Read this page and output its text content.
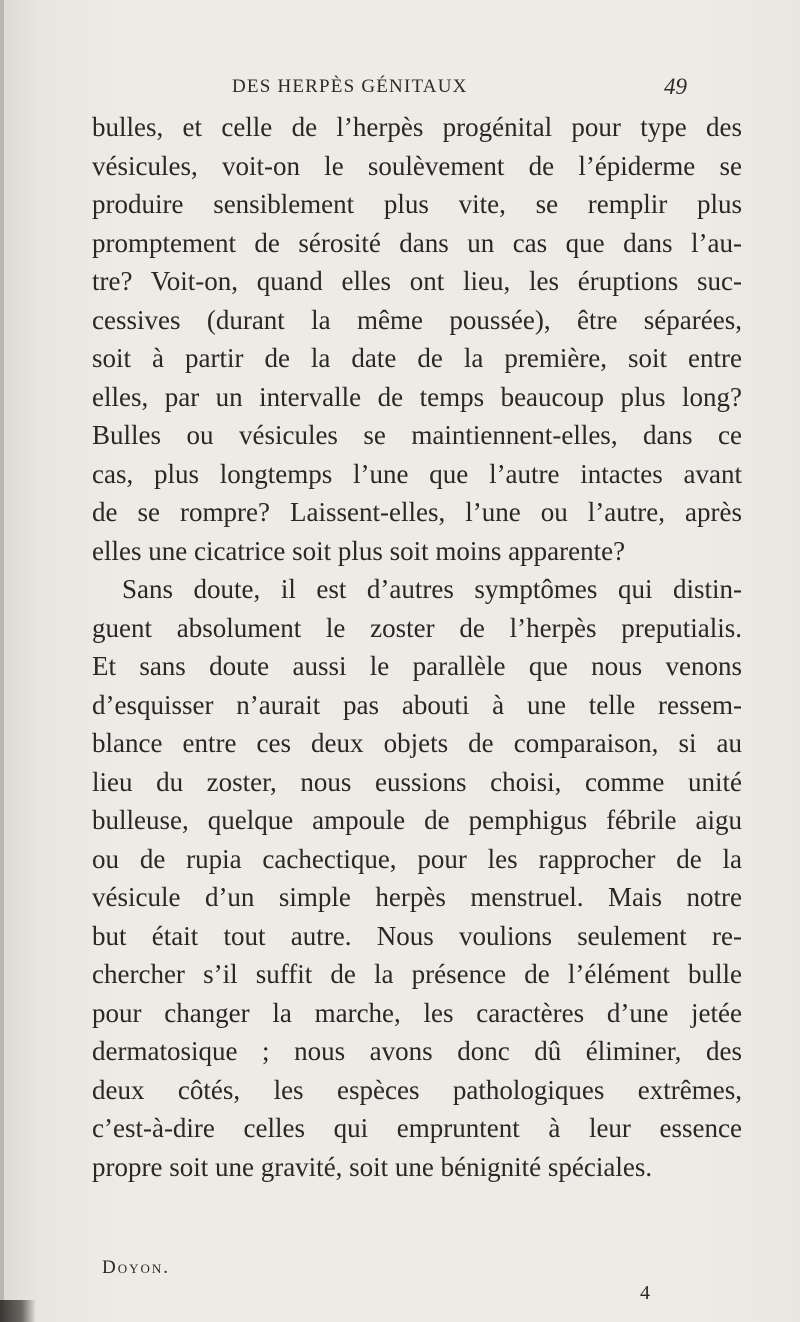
DES HERPÈS GÉNITAUX	49
bulles, et celle de l’herpès progénital pour type des
vésicules, voit-on le soulèvement de l’épiderme se
produire sensiblement plus vite, se remplir plus
promptement de sérosité dans un cas que dans l’au-
tre? Voit-on, quand elles ont lieu, les éruptions suc-
cessives (durant la même poussée), être séparées,
soit à partir de la date de la première, soit entre
elles, par un intervalle de temps beaucoup plus long?
Bulles ou vésicules se maintiennent-elles, dans ce
cas, plus longtemps l’une que l’autre intactes avant
de se rompre? Laissent-elles, l’une ou l’autre, après
elles une cicatrice soit plus soit moins apparente?
Sans doute, il est d’autres symptômes qui distin-
guent absolument le zoster de l’herpès preputialis.
Et sans doute aussi le parallèle que nous venons
d’esquisser n’aurait pas abouti à une telle ressem-
blance entre ces deux objets de comparaison, si au
lieu du zoster, nous eussions choisi, comme unité
bulleuse, quelque ampoule de pemphigus fébrile aigu
ou de rupia cachectique, pour les rapprocher de la
vésicule d’un simple herpès menstruel. Mais notre
but était tout autre. Nous voulions seulement re-
chercher s’il suffit de la présence de l’élément bulle
pour changer la marche, les caractères d’une jetée
dermatosique ; nous avons donc dû éliminer, des
deux côtés, les espèces pathologiques extrêmes,
c’est-à-dire celles qui empruntent à leur essence
propre soit une gravité, soit une bénignité spéciales.
Doyon.
4
